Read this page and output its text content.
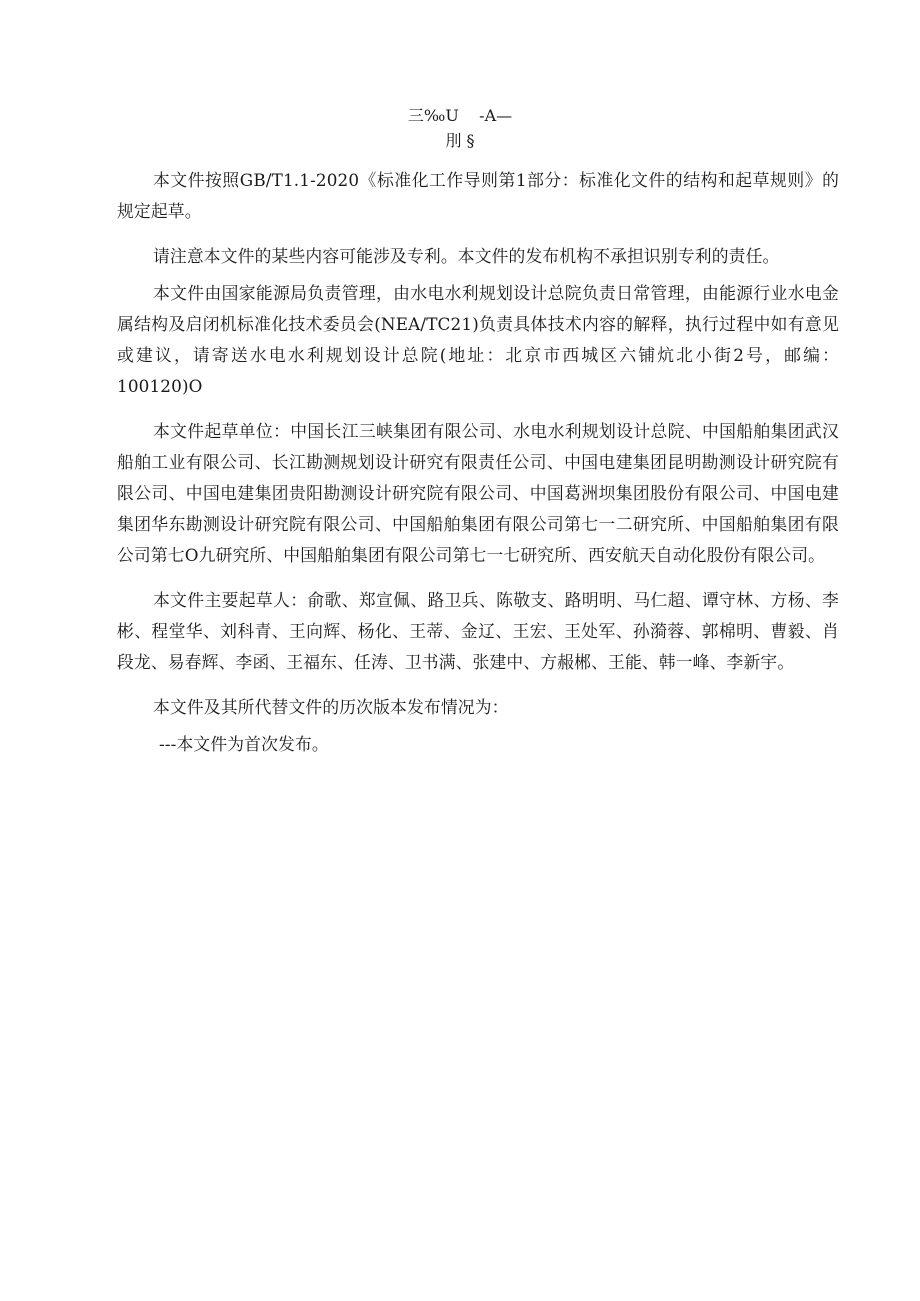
三‰U    -A—
刖 §

本文件按照GB/T1.1-2020《标准化工作导则第1部分：标准化文件的结构和起草规则》的规定起草。

请注意本文件的某些内容可能涉及专利。本文件的发布机构不承担识别专利的责任。

本文件由国家能源局负责管理，由水电水利规划设计总院负责日常管理，由能源行业水电金属结构及启闭机标准化技术委员会(NEA/TC21)负责具体技术内容的解释，执行过程中如有意见或建议，请寄送水电水利规划设计总院(地址：北京市西城区六铺炕北小街2号，邮编：100120)O

本文件起草单位：中国长江三峡集团有限公司、水电水利规划设计总院、中国船舶集团武汉船舶工业有限公司、长江勘测规划设计研究有限责任公司、中国电建集团昆明勘测设计研究院有限公司、中国电建集团贵阳勘测设计研究院有限公司、中国葛洲坝集团股份有限公司、中国电建集团华东勘测设计研究院有限公司、中国船舶集团有限公司第七一二研究所、中国船舶集团有限公司第七O九研究所、中国船舶集团有限公司第七一七研究所、西安航天自动化股份有限公司。

本文件主要起草人：俞歌、郑宣佩、路卫兵、陈敬支、路明明、马仁超、谭守林、方杨、李彬、程堂华、刘科青、王向辉、杨化、王蒂、金辽、王宏、王处军、孙漪蓉、郭棉明、曹毅、肖段龙、易春辉、李函、王福东、任涛、卫书满、张建中、方赧郴、王能、韩一峰、李新宇。

本文件及其所代替文件的历次版本发布情况为：

---本文件为首次发布。
